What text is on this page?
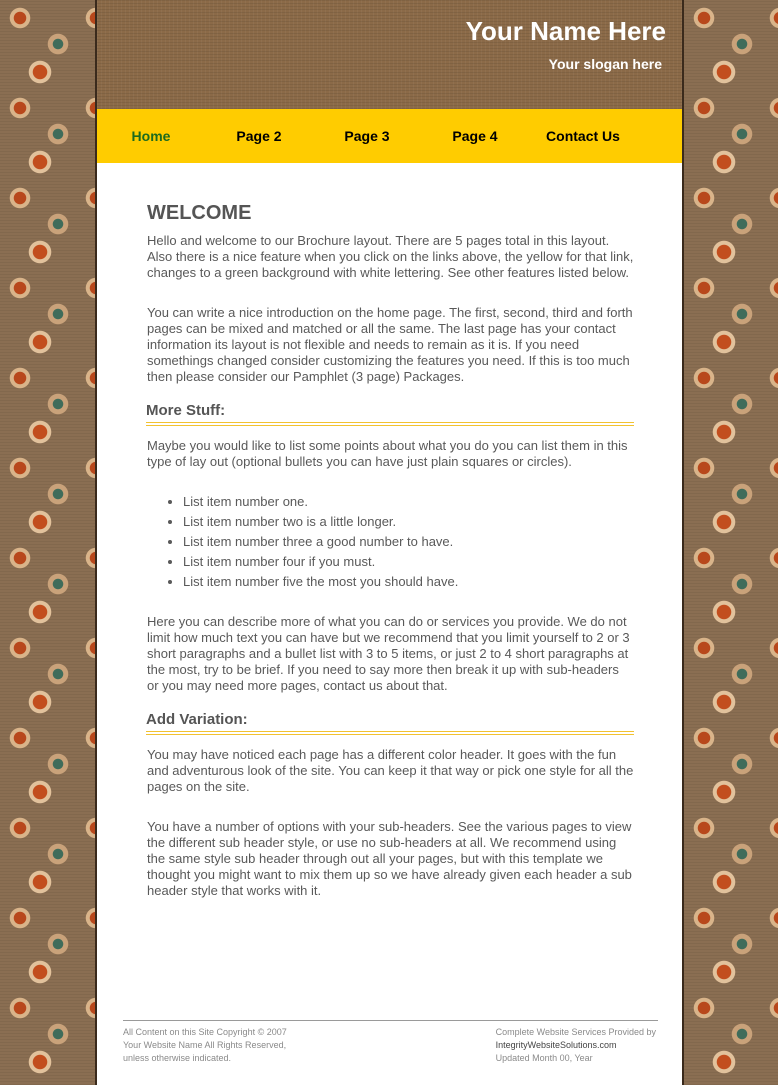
Your Name Here
Your slogan here
Home	Page 2	Page 3	Page 4	Contact Us
WELCOME

Hello and welcome to our Brochure layout. There are 5 pages total in this layout. Also there is a nice feature when you click on the links above, the yellow for that link, changes to a green background with white lettering. See other features listed below.

You can write a nice introduction on the home page. The first, second, third and forth pages can be mixed and matched or all the same. The last page has your contact information its layout is not flexible and needs to remain as it is. If you need somethings changed consider customizing the features you need. If this is too much then please consider our Pamphlet (3 page) Packages.

More Stuff:

Maybe you would like to list some points about what you do you can list them in this type of lay out (optional bullets you can have just plain squares or circles).

• List item number one.
• List item number two is a little longer.
• List item number three a good number to have.
• List item number four if you must.
• List item number five the most you should have.

Here you can describe more of what you can do or services you provide. We do not limit how much text you can have but we recommend that you limit yourself to 2 or 3 short paragraphs and a bullet list with 3 to 5 items, or just 2 to 4 short paragraphs at the most, try to be brief. If you need to say more then break it up with sub-headers or you may need more pages, contact us about that.

Add Variation:

You may have noticed each page has a different color header. It goes with the fun and adventurous look of the site. You can keep it that way or pick one style for all the pages on the site.

You have a number of options with your sub-headers. See the various pages to view the different sub header style, or use no sub-headers at all. We recommend using the same style sub header through out all your pages, but with this template we thought you might want to mix them up so we have already given each header a sub header style that works with it.

All Content on this Site Copyright © 2007
Your Website Name All Rights Reserved,
unless otherwise indicated.
Complete Website Services Provided by
IntegrityWebsiteSolutions.com
Updated Month 00, Year
